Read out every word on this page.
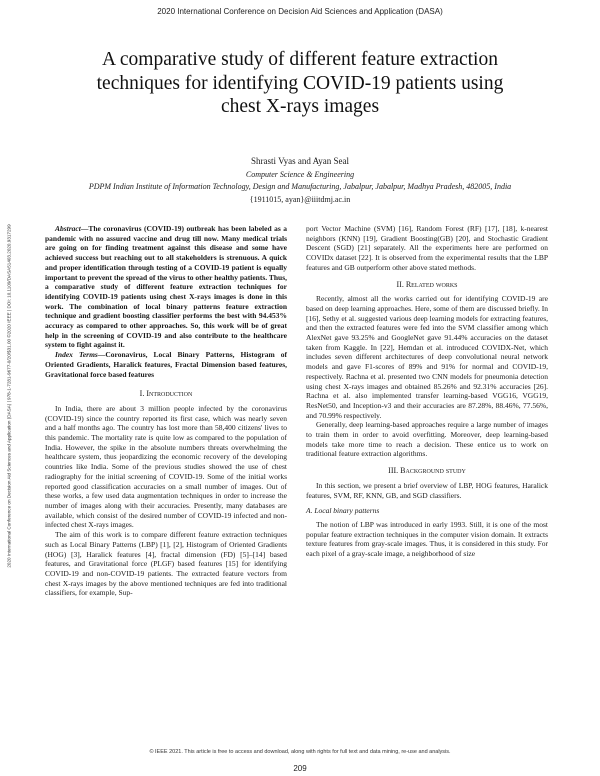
2020 International Conference on Decision Aid Sciences and Application (DASA)
A comparative study of different feature extraction
techniques for identifying COVID-19 patients using
chest X-rays images
Shrasti Vyas and Ayan Seal
Computer Science & Engineering
PDPM Indian Institute of Information Technology, Design and Manufacturing, Jabalpur, Jabalpur, Madhya Pradesh, 482005, India
{1911015, ayan}@iiitdmj.ac.in
2020 International Conference on Decision Aid Sciences and Application (DASA) | 978-1-7281-9677-0/20/$31.00 ©2020 IEEE | DOI: 10.1109/DASA51403.2020.9317299	Abstract—The coronavirus (COVID-19) outbreak has been labeled as a pandemic with no assured vaccine and drug till now. Many medical trials are going on for finding treatment against this disease and some have achieved success but reaching out to all stakeholders is strenuous. A quick and proper identification through testing of a COVID-19 patient is equally important to prevent the spread of the virus to other healthy patients. Thus, a comparative study of different feature extraction techniques for identifying COVID-19 patients using chest X-rays images is done in this work. The combination of local binary patterns feature extraction technique and gradient boosting classifier performs the best with 94.453% accuracy as compared to other approaches. So, this work will be of great help in the screening of COVID-19 and also contribute to the healthcare system to fight against it.

Index Terms—Coronavirus, Local Binary Patterns, Histogram of Oriented Gradients, Haralick features, Fractal Dimension based features, Gravitational force based features

I. Introduction

In India, there are about 3 million people infected by the coronavirus (COVID-19) since the country reported its first case, which was nearly seven and a half months ago. The country has lost more than 58,400 citizens' lives to this pandemic. The mortality rate is quite low as compared to the population of India. However, the spike in the absolute numbers threats overwhelming the healthcare system, thus jeopardizing the economic recovery of the developing countries like India. Some of the previous studies showed the use of chest radiography for the initial screening of COVID-19. Some of the initial works reported good classification accuracies on a small number of images. Out of these works, a few used data augmentation techniques in order to increase the number of images along with their accuracies. Presently, many databases are available, which consist of the desired number of COVID-19 infected and non-infected chest X-rays images.

The aim of this work is to compare different feature extraction techniques such as Local Binary Patterns (LBP) [1], [2], Histogram of Oriented Gradients (HOG) [3], Haralick features [4], fractal dimension (FD) [5]–[14] based features, and Gravitational force (PLGF) based features [15] for identifying COVID-19 and non-COVID-19 patients. The extracted feature vectors from chest X-rays images by the above mentioned techniques are fed into traditional classifiers, for example, Sup-

port Vector Machine (SVM) [16], Random Forest (RF) [17], [18], k-nearest neighbors (KNN) [19], Gradient Boosting(GB) [20], and Stochastic Gradient Descent (SGD) [21] separately. All the experiments here are performed on COVIDx dataset [22]. It is observed from the experimental results that the LBP features and GB outperform other above stated methods.

II. Related works

Recently, almost all the works carried out for identifying COVID-19 are based on deep learning approaches. Here, some of them are discussed briefly. In [16], Sethy et al. suggested various deep learning models for extracting features, and then the extracted features were fed into the SVM classifier among which AlexNet gave 93.25% and GoogleNet gave 91.44% accuracies on the dataset taken from Kaggle. In [22], Hemdan et al. introduced COVIDX-Net, which includes seven different architectures of deep convolutional neural network models and gave F1-scores of 89% and 91% for normal and COVID-19, respectively. Rachna et al. presented two CNN models for pneumonia detection using chest X-rays images and obtained 85.26% and 92.31% accuracies [26]. Rachna et al. also implemented transfer learning-based VGG16, VGG19, ResNet50, and Inception-v3 and their accuracies are 87.28%, 88.46%, 77.56%, and 70.99% respectively.

Generally, deep learning-based approaches require a large number of images to train them in order to avoid overfitting. Moreover, deep learning-based models take more time to reach a decision. These entice us to work on traditional feature extraction algorithms.

III. Background study

In this section, we present a brief overview of LBP, HOG features, Haralick features, SVM, RF, KNN, GB, and SGD classifiers.

A. Local binary patterns

The notion of LBP was introduced in early 1993. Still, it is one of the most popular feature extraction techniques in the computer vision domain. It extracts texture features from gray-scale images. Thus, it is considered in this study. For each pixel of a gray-scale image, a neighborhood of size

© IEEE 2021. This article is free to access and download, along with rights for full text and data mining, re-use and analysis.
209
